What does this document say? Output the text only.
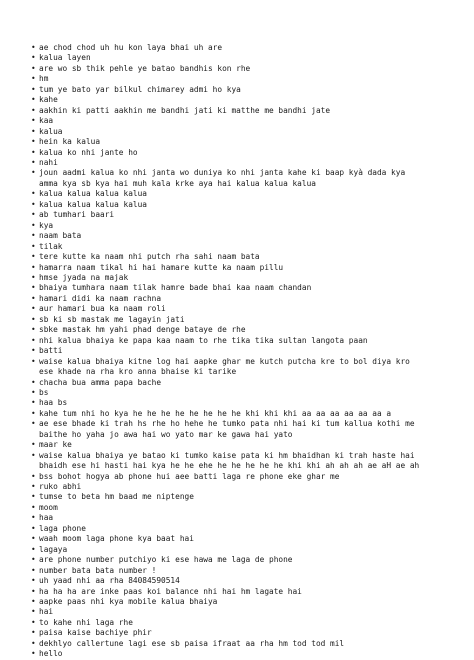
• ae chod chod uh hu kon laya bhai uh are
• kalua layen
• are wo sb thik pehle ye batao bandhis kon rhe
• hm
• tum ye bato yar bilkul chimarey admi ho kya
• kahe
• aakhin ki patti aakhin me bandhi jati ki matthe me bandhi jate
• kaa
• kalua
• hein ka kalua
• kalua ko nhi jante ho
• nahi
• joun aadmi kalua ko nhi janta wo duniya ko nhi janta kahe ki baap kyà dada kya
amma kya sb kya hai muh kala krke aya hai kalua kalua kalua
• kalua kalua kalua kalua
• kalua kalua kalua kalua
• ab tumhari baari
• kya
• naam bata
• tilak
• tere kutte ka naam nhi putch rha sahi naam bata
• hamarra naam tikal hi hai hamare kutte ka naam pillu
• hmse jyada na majak
• bhaiya tumhara naam tilak hamre bade bhai kaa naam chandan
• hamari didi ka naam rachna
• aur hamari bua ka naam roli
• sb ki sb mastak me lagayin jati
• sbke mastak hm yahi phad denge bataye de rhe
• nhi kalua bhaiya ke papa kaa naam to rhe tika tika sultan langota paan
• batti
• waise kalua bhaiya kitne log hai aapke ghar me kutch putcha kre to bol diya kro
ese khade na rha kro anna bhaise ki tarike
• chacha bua amma papa bache
• bs
• haa bs
• kahe tum nhi ho kya he he he he he he he he khi khi khi aa aa aa aa aa aa a
• ae ese bhade ki trah hs rhe ho hehe he tumko pata nhi hai ki tum kallua kothi me
baithe ho yaha jo awa hai wo yato mar ke gawa hai yato
• maar ke
• waise kalua bhaiya ye batao ki tumko kaise pata ki hm bhaidhan ki trah haste hai
bhaidh ese hi hasti hai kya he he ehe he he he he he khi khi ah ah ah ae aH ae ah
• bss bohot hogya ab phone hui aee batti laga re phone eke ghar me
• ruko abhi
• tumse to beta hm baad me niptenge
• moom
• haa
• laga phone
• waah moom laga phone kya baat hai
• lagaya
• are phone number putchiyo ki ese hawa me laga de phone
• number bata bata number !
• uh yaad nhi aa rha 84084590514
• ha ha ha are inke paas koi balance nhi hai hm lagate hai
• aapke paas nhi kya mobile kalua bhaiya
• hai
• to kahe nhi laga rhe
• paisa kaise bachiye phir
• dekhlyo callertune lagi ese sb paisa ifraat aa rha hm tod tod mil
• hello
